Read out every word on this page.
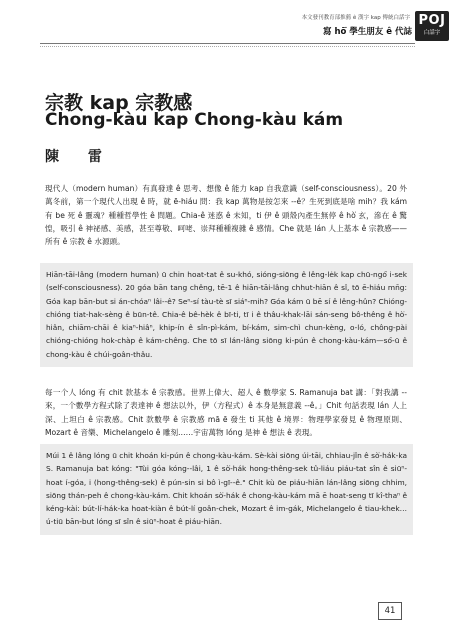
本文發刊教育部推薦 ê 漢字 kap 傳統白話字
寫 hō͘ 學生朋友 ê 代誌
POJ
白話字
宗教 kap 宗教感
Chong-kàu kap Chong-kàu kám
陳 雷
現代人（modern human）有真發達 ê 思考、想像 ê 能力 kap 自我意識（self-consciousness）。20 外萬冬前，第一个現代人出現 ê 時，就 ē-hiáu 問：我 kap 萬物是按怎來 --ê？生死到底是啥 mih？我 kám 有 be 死 ê 靈魂？種種哲學性 ê 問題。Chia-ê 迷惑 ê 未知，ti 伊 ê 頭殼內產生無停 ê hò͘ 玄，滲在 ê 驚惶，吸引 ê 神祕感、美感，甚至尊敬、呵咾、崇拜種種複雜 ê 感情。Che 就是 lán 人上基本 ê 宗教感——所有 ê 宗教 ê 水源頭。
Hiān-tāi-lâng (modern human) ū chin hoat-tat ê su-khó, sióng-siōng ê lêng-lėk kap chū-ngó͘ i-sek (self-consciousness). 20 góa bān tang chêng, tē-1 ê hiān-tāi-lâng chhut-hiān ê sî, tō ē-hiáu mn̄g: Góa kap bān-but si án-chóaⁿ lâi--ê? Seⁿ-sí tàu-tè sī siáⁿ-mih? Góa kám ū bē sí ê lêng-hûn? Chióng-chióng tiat-hak-sèng ê būn-tê. Chia-ê bê-hèk ê bī-ti, tī i ê thâu-khak-lāi sán-seng bô-thêng ê hò͘-hiân, chiām-chāi ê kiaⁿ-hiâⁿ, khip-ín ê sîn-pì-kám, bí-kám, sim-chì chun-kèng, o-ló, chông-pài chióng-chióng hok-chàp ê kám-chêng. Che tō sī lán-lâng siōng ki-pún ê chong-kàu-kám—só͘-ū ê chong-kàu ê chúi-goân-thâu.
每一个人 lóng 有 chit 款基本 ê 宗教感。世界上偉大、超人 ê 數學家 S. Ramanuja bat 講：「對我講 -- 來，一个數學方程式除了表達神 ê 想法以外，伊（方程式）ê 本身是無意義 --ê。」Chit 句話表現 lán 人上深、上坦白 ê 宗教感。Chit 款數學 ê 宗教感 mā ē 發生 ti 其他 ê 境界：物理學家發見 ê 物理原則、Mozart ê 音樂、Michelangelo ê 雕刻……宇宙萬物 lóng 是神 ê 想法 ê 表現。
Múi 1 ê lâng lóng ū chit khoán ki-pún ê chong-kàu-kám. Sè-kài siōng úi-tāi, chhiau-jîn ê sò͘-hák-ka S. Ramanuja bat kóng: "Tùi góa kóng--lâi, 1 ê sò͘-hák hong-thêng-sek tû-liáu piáu-tat sîn ê siūⁿ-hoat í-góa, i (hong-thêng-sek) ê pún-sin si bô ì-gī--ê." Chit kù ōe piáu-hiān lán-lâng siōng chhim, siōng thán-peh ê chong-kàu-kám. Chit khoán sò͘-hák ê chong-kàu-kám mā ē hoat-seng tī kî-thaⁿ ê kéng-kài: bút-lí-hák-ka hoat-kiàn ê bút-lí goân-chek, Mozart ê im-gák, Michelangelo ê tiau-khek… ú-tiū bān-but lóng sī sîn ê siūⁿ-hoat ê piáu-hiān.
41
